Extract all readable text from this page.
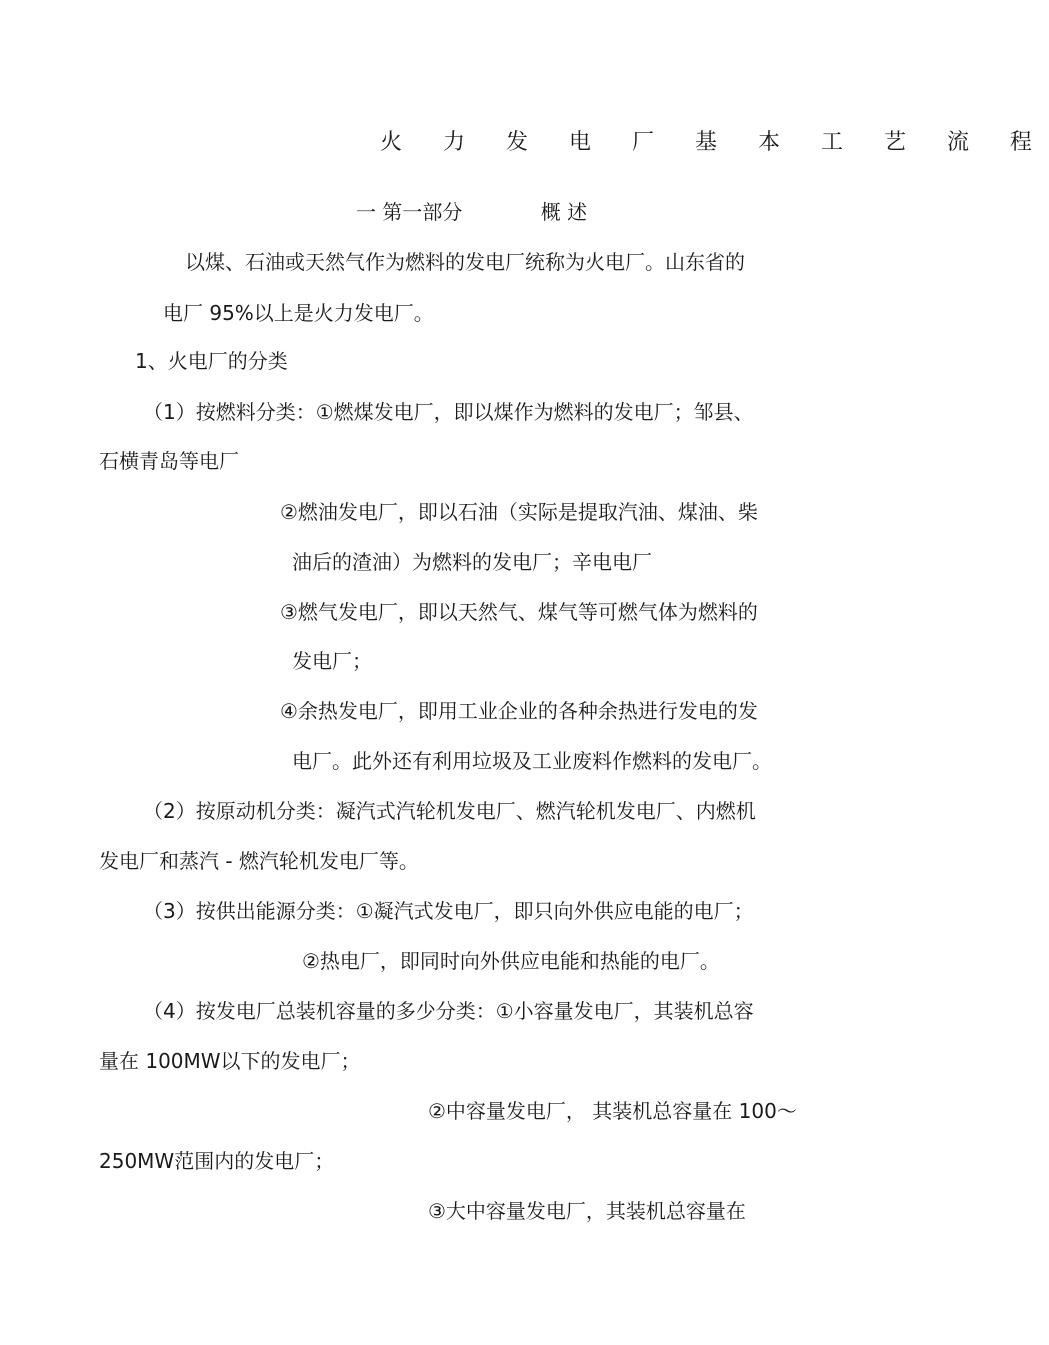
火 力 发 电 厂 基 本 工 艺 流 程
一 第一部分	概 述
以煤、石油或天然气作为燃料的发电厂统称为火电厂。山东省的
电厂 95%以上是火力发电厂。
1、火电厂的分类
（1）按燃料分类：①燃煤发电厂，即以煤作为燃料的发电厂；邹县、
石横青岛等电厂
②燃油发电厂，即以石油（实际是提取汽油、煤油、柴
油后的渣油）为燃料的发电厂；辛电电厂
③燃气发电厂，即以天然气、煤气等可燃气体为燃料的
发电厂；
④余热发电厂，即用工业企业的各种余热进行发电的发
电厂。此外还有利用垃圾及工业废料作燃料的发电厂。
（2）按原动机分类：凝汽式汽轮机发电厂、燃汽轮机发电厂、内燃机
发电厂和蒸汽 - 燃汽轮机发电厂等。
（3）按供出能源分类：①凝汽式发电厂，即只向外供应电能的电厂；
②热电厂，即同时向外供应电能和热能的电厂。
（4）按发电厂总装机容量的多少分类：①小容量发电厂，其装机总容
量在 100MW以下的发电厂；
②中容量发电厂， 其装机总容量在 100～
250MW范围内的发电厂；
③大中容量发电厂，其装机总容量在
